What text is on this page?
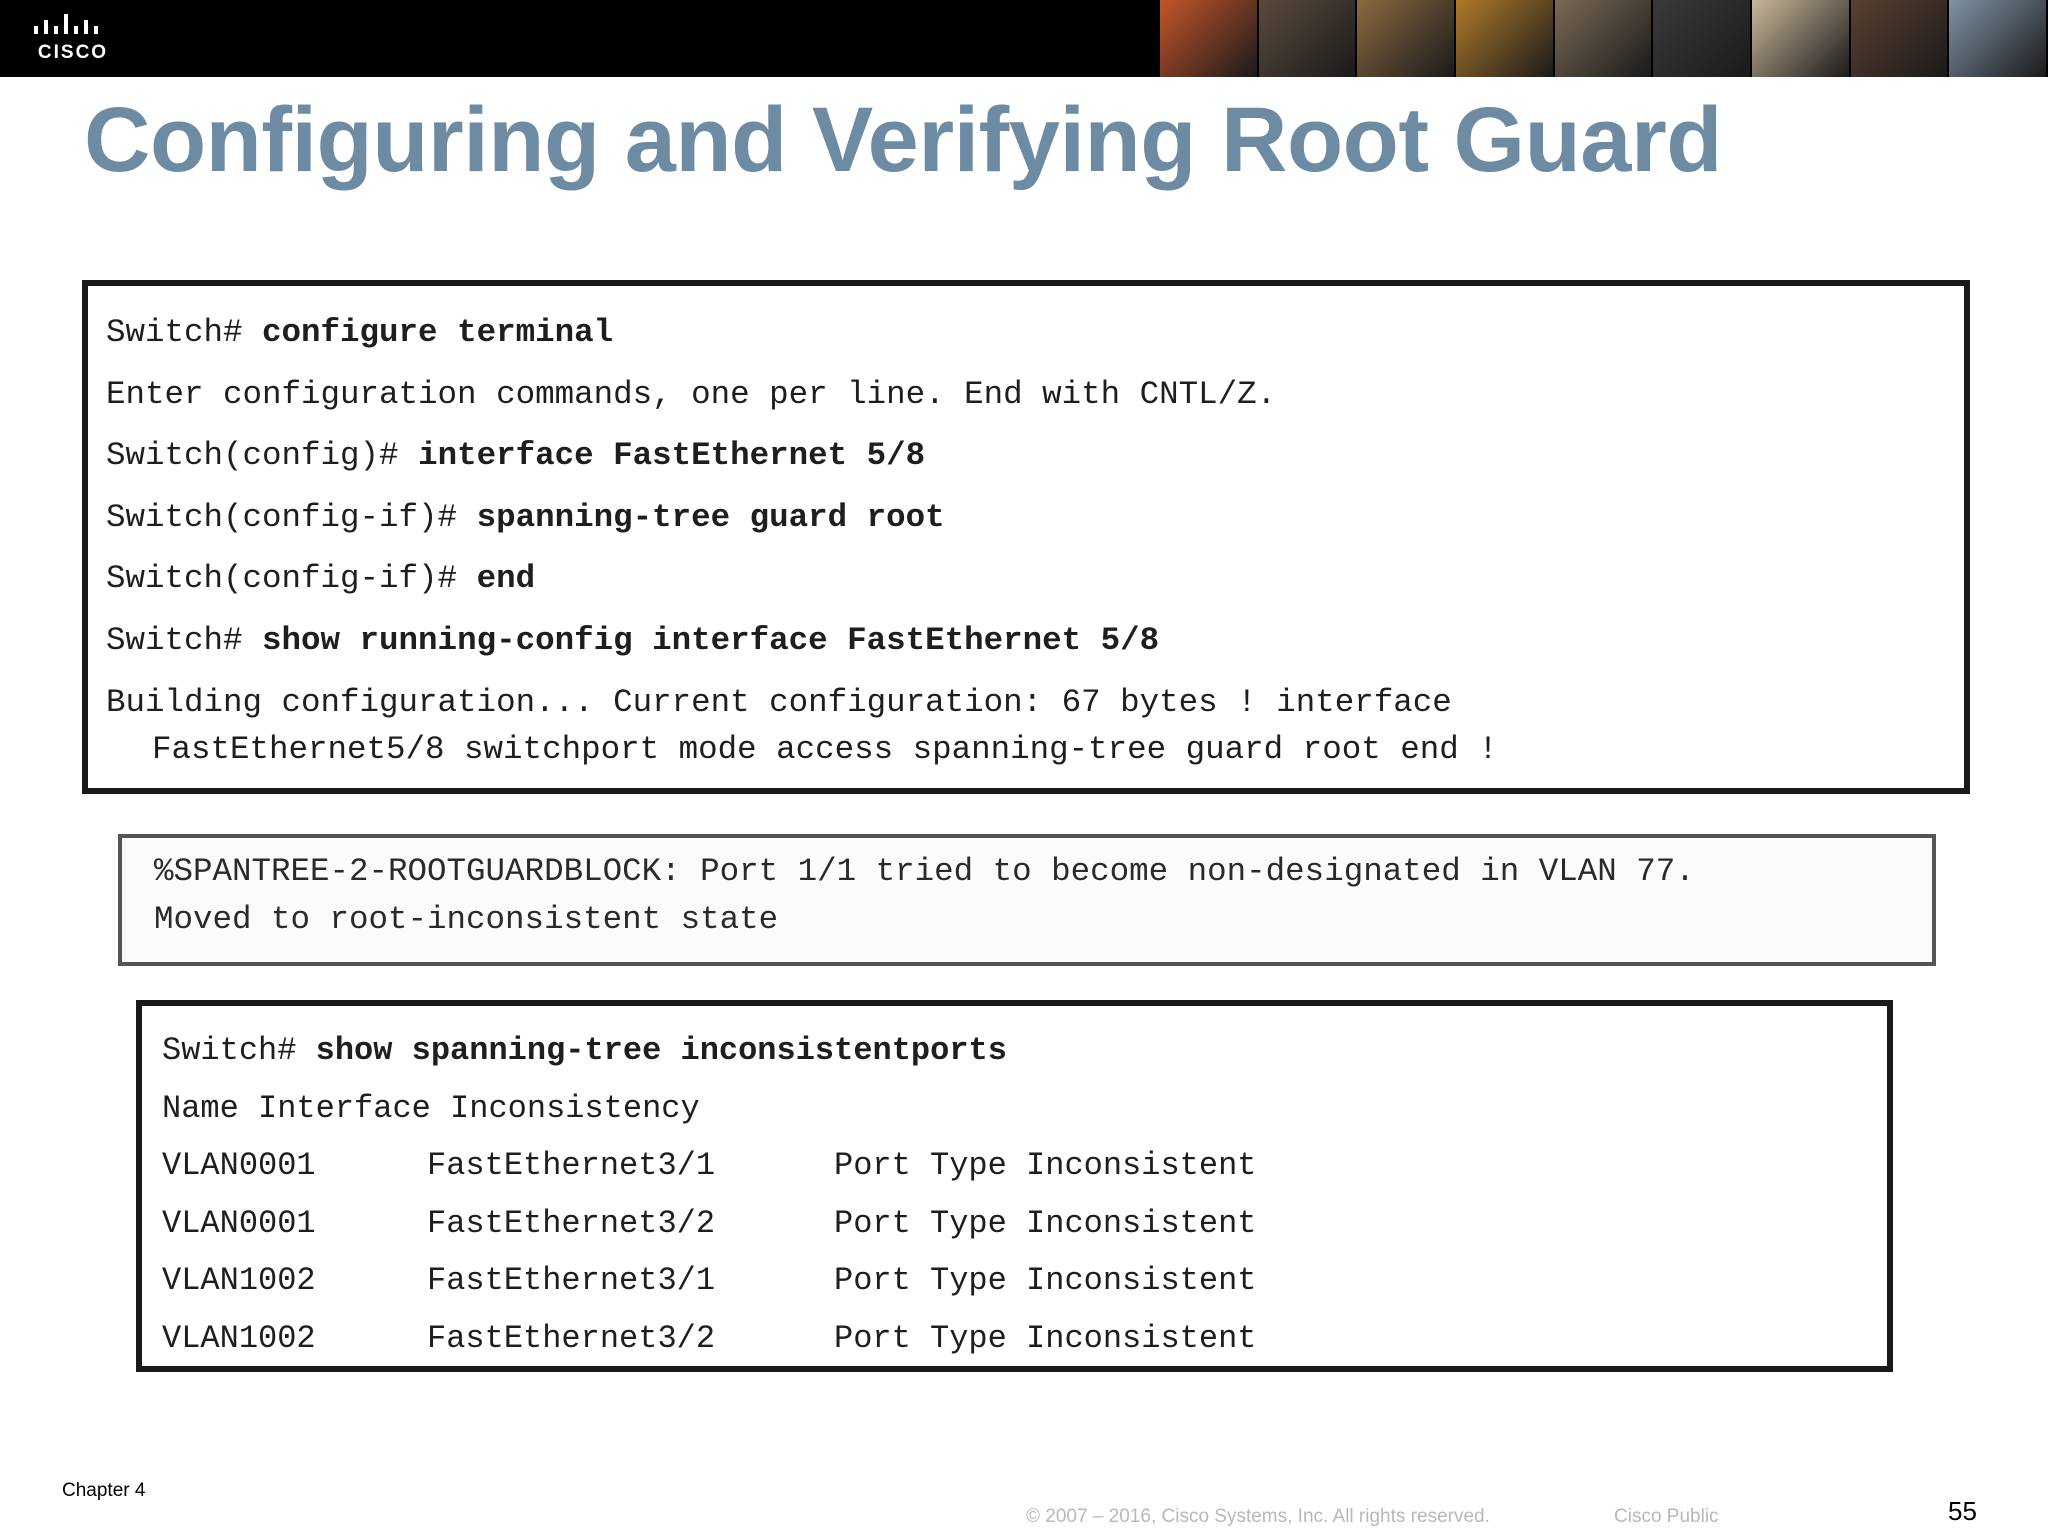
CISCO
Configuring and Verifying Root Guard
Switch# configure terminal
Enter configuration commands, one per line. End with CNTL/Z.
Switch(config)# interface FastEthernet 5/8
Switch(config-if)# spanning-tree guard root
Switch(config-if)# end
Switch# show running-config interface FastEthernet 5/8
Building configuration... Current configuration: 67 bytes ! interface
FastEthernet5/8 switchport mode access spanning-tree guard root end !
%SPANTREE-2-ROOTGUARDBLOCK: Port 1/1 tried to become non-designated in VLAN 77.
Moved to root-inconsistent state
Switch# show spanning-tree inconsistentports
Name Interface Inconsistency
VLAN0001	FastEthernet3/1	Port Type Inconsistent
VLAN0001	FastEthernet3/2	Port Type Inconsistent
VLAN1002	FastEthernet3/1	Port Type Inconsistent
VLAN1002	FastEthernet3/2	Port Type Inconsistent
Chapter 4
© 2007 – 2016, Cisco Systems, Inc. All rights reserved.	Cisco Public	55
